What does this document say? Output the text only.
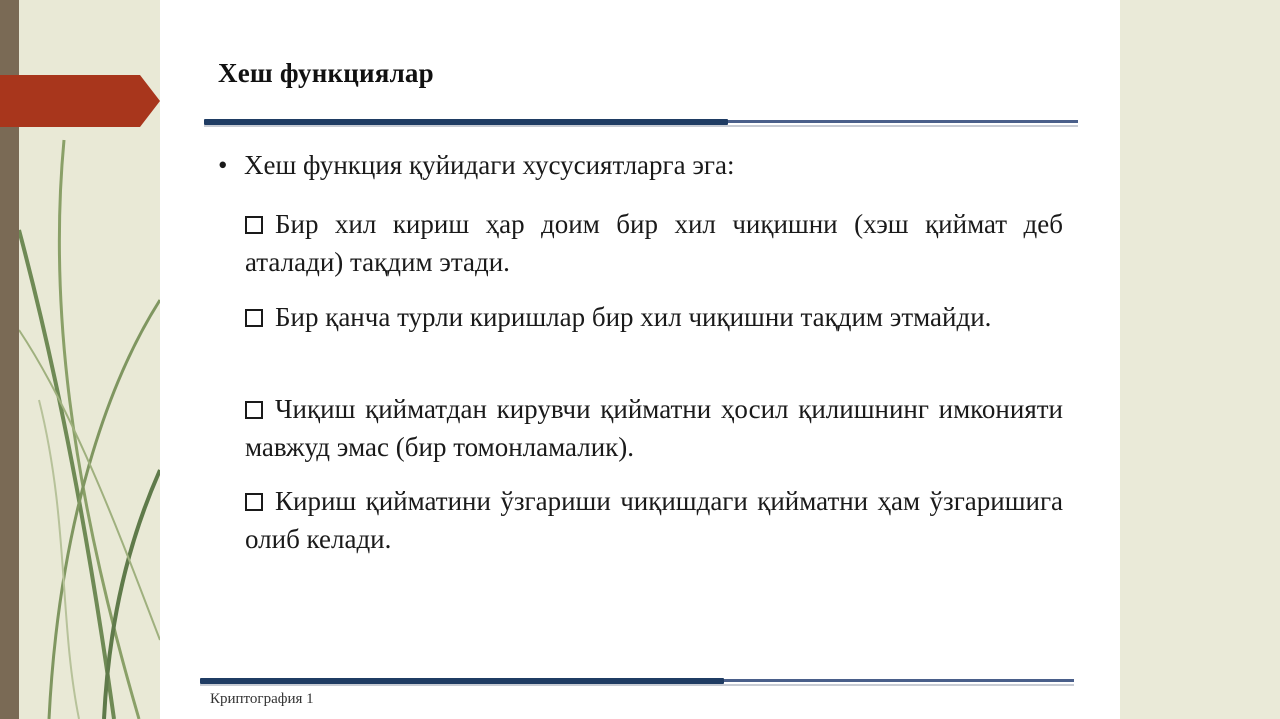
Хеш функциялар
• Хеш функция қуйидаги хусусиятларга эга:
Бир хил кириш ҳар доим бир хил чиқишни (хэш қиймат деб аталади) тақдим этади.
Бир қанча турли киришлар бир хил чиқишни тақдим этмайди.
Чиқиш қийматдан кирувчи қийматни ҳосил қилишнинг имконияти мавжуд эмас (бир томонламалик).
Кириш қийматини ўзгариши чиқишдаги қийматни ҳам ўзгаришига олиб келади.
Криптография 1
